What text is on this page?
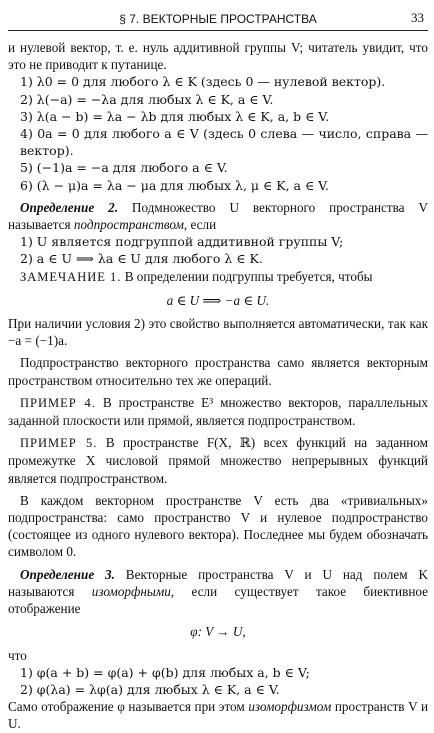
§ 7. ВЕКТОРНЫЕ ПРОСТРАНСТВА	33

и нулевой вектор, т. е. нуль аддитивной группы V; читатель увидит, что это не приводит к путанице.

1) λ0 = 0 для любого λ ∈ K (здесь 0 — нулевой вектор).

2) λ(−a) = −λa для любых λ ∈ K, a ∈ V.

3) λ(a − b) = λa − λb для любых λ ∈ K, a, b ∈ V.

4) 0a = 0 для любого a ∈ V (здесь 0 слева — число, справа — вектор).

5) (−1)a = −a для любого a ∈ V.

6) (λ − μ)a = λa − μa для любых λ, μ ∈ K, a ∈ V.

Определение 2. Подмножество U векторного пространства V называется подпространством, если

1) U является подгруппой аддитивной группы V;

2) a ∈ U ⟹ λa ∈ U для любого λ ∈ K.

ЗАМЕЧАНИЕ 1. В определении подгруппы требуется, чтобы

a ∈ U ⟹ −a ∈ U.

При наличии условия 2) это свойство выполняется автоматически, так как −a = (−1)a.

Подпространство векторного пространства само является векторным пространством относительно тех же операций.

ПРИМЕР 4. В пространстве E³ множество векторов, параллельных заданной плоскости или прямой, является подпространством.

ПРИМЕР 5. В пространстве F(X, ℝ) всех функций на заданном промежутке X числовой прямой множество непрерывных функций является подпространством.

В каждом векторном пространстве V есть два «тривиальных» подпространства: само пространство V и нулевое подпространство (состоящее из одного нулевого вектора). Последнее мы будем обозначать символом 0.

Определение 3. Векторные пространства V и U над полем K называются изоморфными, если существует такое биективное отображение

φ: V → U,

что

1) φ(a + b) = φ(a) + φ(b) для любых a, b ∈ V;

2) φ(λa) = λφ(a) для любых λ ∈ K, a ∈ V.

Само отображение φ называется при этом изоморфизмом пространств V и U.
